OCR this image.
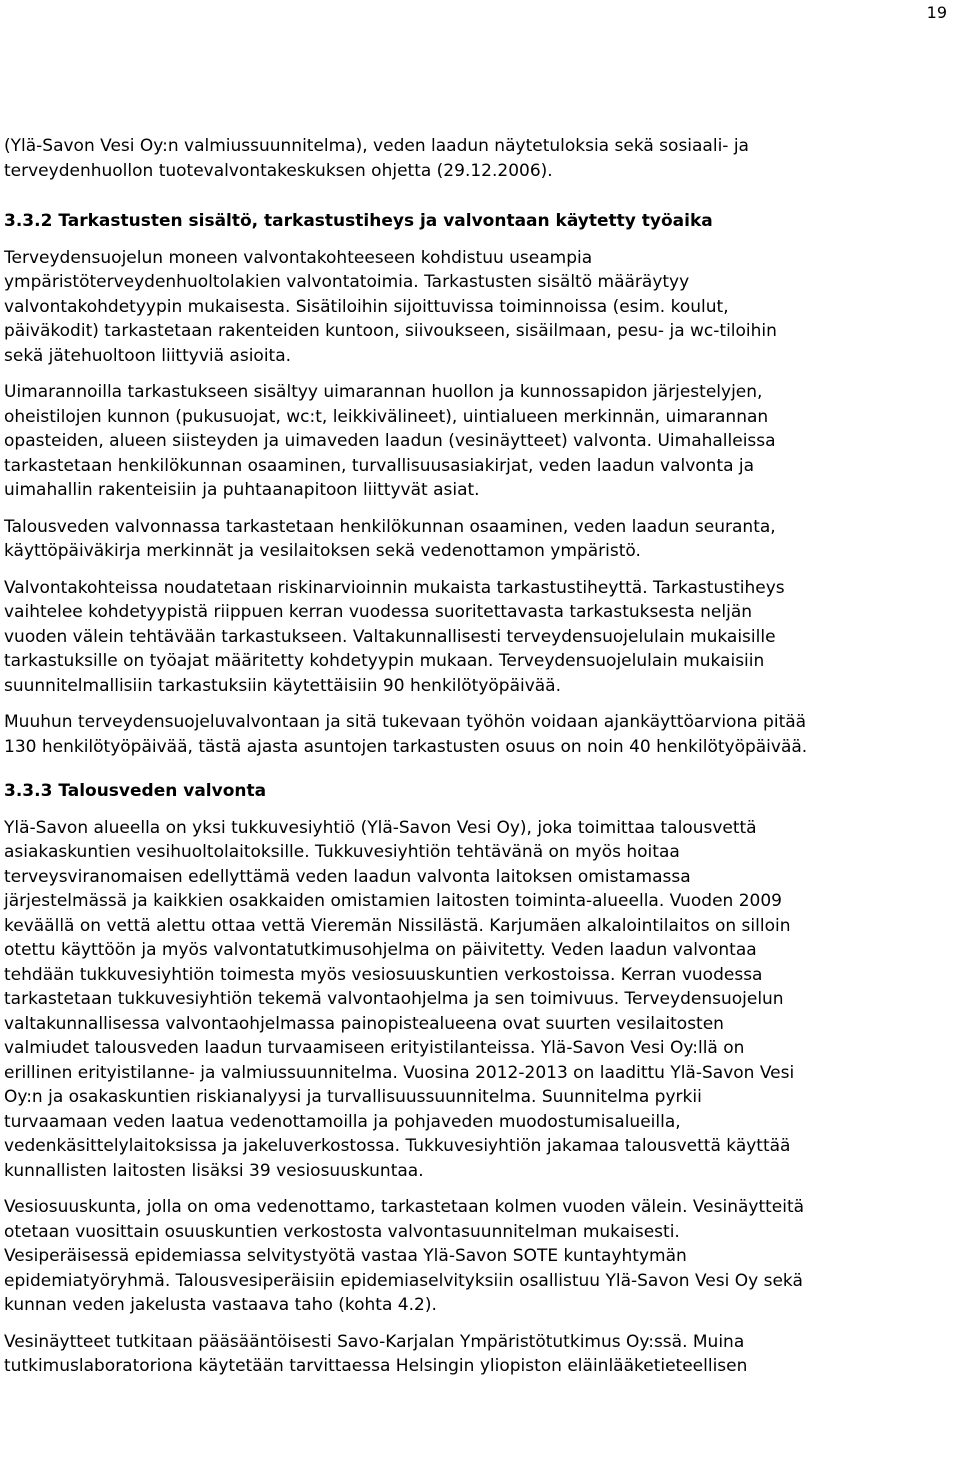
19

(Ylä-Savon Vesi Oy:n valmiussuunnitelma), veden laadun näytetuloksia sekä sosiaali- ja
terveydenhuollon tuotevalvontakeskuksen ohjetta (29.12.2006).

3.3.2 Tarkastusten sisältö, tarkastustiheys ja valvontaan käytetty työaika

Terveydensuojelun moneen valvontakohteeseen kohdistuu useampia
ympäristöterveydenhuoltolakien valvontatoimia. Tarkastusten sisältö määräytyy
valvontakohdetyypin mukaisesta. Sisätiloihin sijoittuvissa toiminnoissa (esim. koulut,
päiväkodit) tarkastetaan rakenteiden kuntoon, siivoukseen, sisäilmaan, pesu- ja wc-tiloihin
sekä jätehuoltoon liittyviä asioita.

Uimarannoilla tarkastukseen sisältyy uimarannan huollon ja kunnossapidon järjestelyjen,
oheistilojen kunnon (pukusuojat, wc:t, leikkivälineet), uintialueen merkinnän, uimarannan
opasteiden, alueen siisteyden ja uimaveden laadun (vesinäytteet) valvonta. Uimahalleissa
tarkastetaan henkilökunnan osaaminen, turvallisuusasiakirjat, veden laadun valvonta ja
uimahallin rakenteisiin ja puhtaanapitoon liittyvät asiat.

Talousveden valvonnassa tarkastetaan henkilökunnan osaaminen, veden laadun seuranta,
käyttöpäiväkirja merkinnät ja vesilaitoksen sekä vedenottamon ympäristö.

Valvontakohteissa noudatetaan riskinarvioinnin mukaista tarkastustiheyttä. Tarkastustiheys
vaihtelee kohdetyypistä riippuen kerran vuodessa suoritettavasta tarkastuksesta neljän
vuoden välein tehtävään tarkastukseen. Valtakunnallisesti terveydensuojelulain mukaisille
tarkastuksille on työajat määritetty kohdetyypin mukaan. Terveydensuojelulain mukaisiin
suunnitelmallisiin tarkastuksiin käytettäisiin 90 henkilötyöpäivää.

Muuhun terveydensuojeluvalvontaan ja sitä tukevaan työhön voidaan ajankäyttöarviona pitää
130 henkilötyöpäivää, tästä ajasta asuntojen tarkastusten osuus on noin 40 henkilötyöpäivää.

3.3.3 Talousveden valvonta

Ylä-Savon alueella on yksi tukkuvesiyhtiö (Ylä-Savon Vesi Oy), joka toimittaa talousvettä
asiakaskuntien vesihuoltolaitoksille. Tukkuvesiyhtiön tehtävänä on myös hoitaa
terveysviranomaisen edellyttämä veden laadun valvonta laitoksen omistamassa
järjestelmässä ja kaikkien osakkaiden omistamien laitosten toiminta-alueella. Vuoden 2009
keväällä on vettä alettu ottaa vettä Vieremän Nissilästä. Karjumäen alkalointilaitos on silloin
otettu käyttöön ja myös valvontatutkimusohjelma on päivitetty. Veden laadun valvontaa
tehdään tukkuvesiyhtiön toimesta myös vesiosuuskuntien verkostoissa. Kerran vuodessa
tarkastetaan tukkuvesiyhtiön tekemä valvontaohjelma ja sen toimivuus. Terveydensuojelun
valtakunnallisessa valvontaohjelmassa painopistealueena ovat suurten vesilaitosten
valmiudet talousveden laadun turvaamiseen erityistilanteissa. Ylä-Savon Vesi Oy:llä on
erillinen erityistilanne- ja valmiussuunnitelma. Vuosina 2012-2013 on laadittu Ylä-Savon Vesi
Oy:n ja osakaskuntien riskianalyysi ja turvallisuussuunnitelma. Suunnitelma pyrkii
turvaamaan veden laatua vedenottamoilla ja pohjaveden muodostumisalueilla,
vedenkäsittelylaitoksissa ja jakeluverkostossa. Tukkuvesiyhtiön jakamaa talousvettä käyttää
kunnallisten laitosten lisäksi 39 vesiosuuskuntaa.

Vesiosuuskunta, jolla on oma vedenottamo, tarkastetaan kolmen vuoden välein. Vesinäytteitä
otetaan vuosittain osuuskuntien verkostosta valvontasuunnitelman mukaisesti.
Vesiperäisessä epidemiassa selvitystyötä vastaa Ylä-Savon SOTE kuntayhtymän
epidemiatyöryhmä. Talousvesiperäisiin epidemiaselvityksiin osallistuu Ylä-Savon Vesi Oy sekä
kunnan veden jakelusta vastaava taho (kohta 4.2).

Vesinäytteet tutkitaan pääsääntöisesti Savo-Karjalan Ympäristötutkimus Oy:ssä. Muina
tutkimuslaboratoriona käytetään tarvittaessa Helsingin yliopiston eläinlääketieteellisen
